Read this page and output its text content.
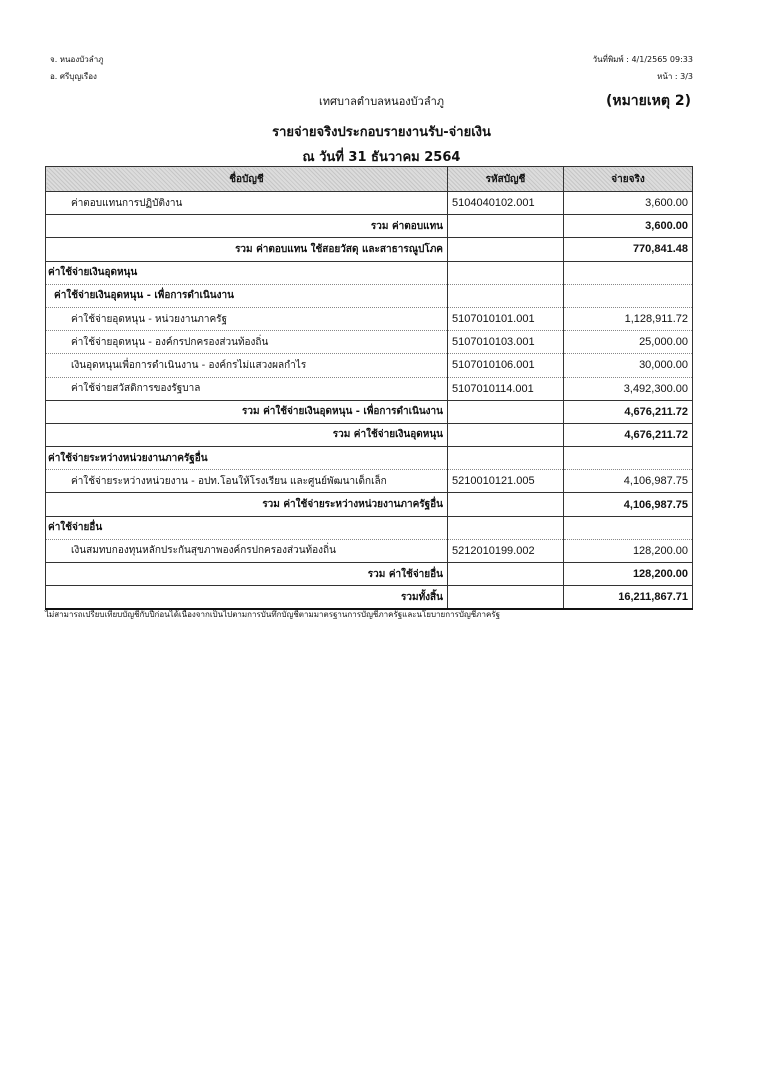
จ. หนองบัวลำภู
อ. ศรีบุญเรือง
วันที่พิมพ์ : 4/1/2565 09:33
หน้า : 3/3
เทศบาลตำบลหนองบัวลำภู	(หมายเหตุ 2)
รายจ่ายจริงประกอบรายงานรับ-จ่ายเงิน
ณ วันที่ 31 ธันวาคม 2564
ชื่อบัญชี	รหัสบัญชี	จ่ายจริง
ค่าตอบแทนการปฏิบัติงาน	5104040102.001	3,600.00
รวม ค่าตอบแทน		3,600.00
รวม ค่าตอบแทน ใช้สอยวัสดุ และสาธารณูปโภค		770,841.48
ค่าใช้จ่ายเงินอุดหนุน		
ค่าใช้จ่ายเงินอุดหนุน - เพื่อการดำเนินงาน		
ค่าใช้จ่ายอุดหนุน - หน่วยงานภาครัฐ	5107010101.001	1,128,911.72
ค่าใช้จ่ายอุดหนุน - องค์กรปกครองส่วนท้องถิ่น	5107010103.001	25,000.00
เงินอุดหนุนเพื่อการดำเนินงาน - องค์กรไม่แสวงผลกำไร	5107010106.001	30,000.00
ค่าใช้จ่ายสวัสดิการของรัฐบาล	5107010114.001	3,492,300.00
รวม ค่าใช้จ่ายเงินอุดหนุน - เพื่อการดำเนินงาน		4,676,211.72
รวม ค่าใช้จ่ายเงินอุดหนุน		4,676,211.72
ค่าใช้จ่ายระหว่างหน่วยงานภาครัฐอื่น		
ค่าใช้จ่ายระหว่างหน่วยงาน - อปท.โอนให้โรงเรียน และศูนย์พัฒนาเด็กเล็ก	5210010121.005	4,106,987.75
รวม ค่าใช้จ่ายระหว่างหน่วยงานภาครัฐอื่น		4,106,987.75
ค่าใช้จ่ายอื่น		
เงินสมทบกองทุนหลักประกันสุขภาพองค์กรปกครองส่วนท้องถิ่น	5212010199.002	128,200.00
รวม ค่าใช้จ่ายอื่น		128,200.00
รวมทั้งสิ้น		16,211,867.71
ไม่สามารถเปรียบเทียบบัญชีกับปีก่อนได้เนื่องจากเป็นไปตามการบันทึกบัญชีตามมาตรฐานการบัญชีภาครัฐและนโยบายการบัญชีภาครัฐ
